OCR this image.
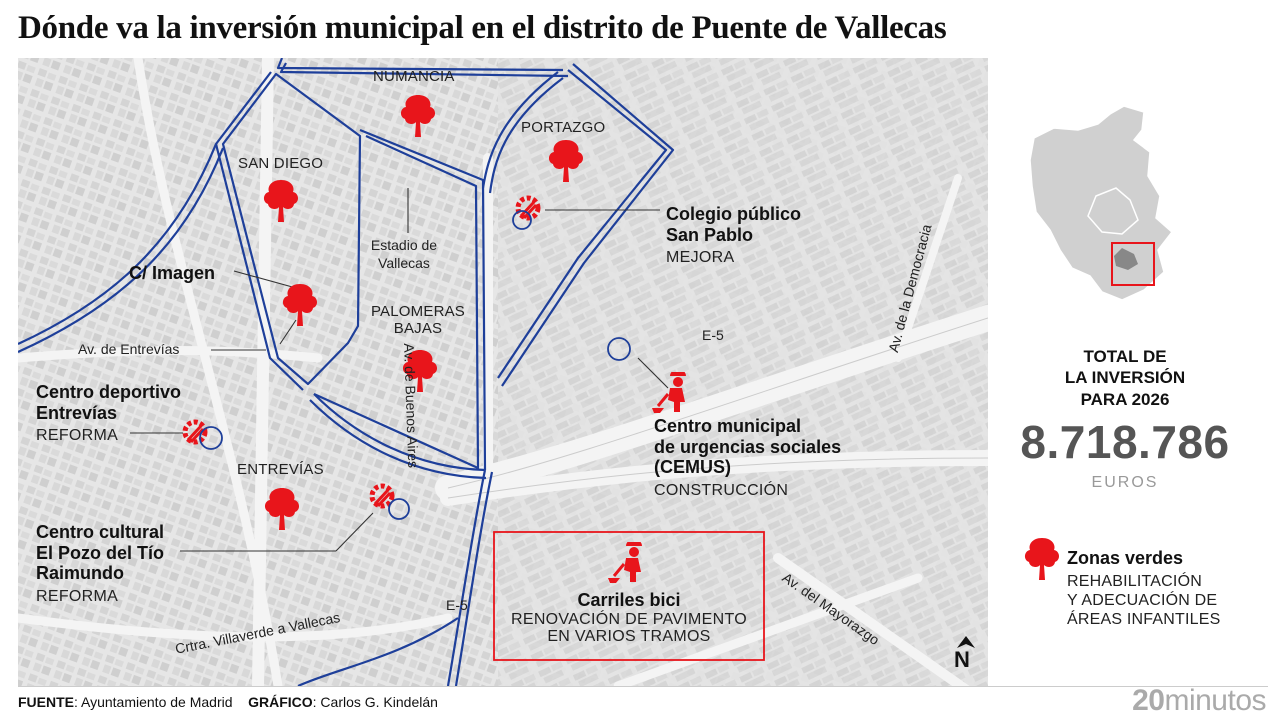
Dónde va la inversión municipal en el distrito de Puente de Vallecas
NUMANCIA
PORTAZGO
SAN DIEGO
PALOMERAS BAJAS
ENTREVÍAS
Estadio de Vallecas
Av. de Buenos Aires
Av. de Entrevías	Av. de la Democracia
Av. del Mayorazgo
Crtra. Villaverde a Vallecas
E-5
E-5
Colegio público
San Pablo
MEJORA
C/ Imagen
Centro deportivo
Entrevías
REFORMA	Centro municipal
de urgencias sociales
(CEMUS)
CONSTRUCCIÓN
Centro cultural
El Pozo del Tío
Raimundo
REFORMA	Carriles bici
RENOVACIÓN DE PAVIMENTO
EN VARIOS TRAMOS
N
TOTAL DE
LA INVERSIÓN
PARA 2026
8.718.786
EUROS
Zonas verdes
REHABILITACIÓN
Y ADECUACIÓN DE
ÁREAS INFANTILES
FUENTE: Ayuntamiento de Madrid GRÁFICO: Carlos G. Kindelán	20minutos
